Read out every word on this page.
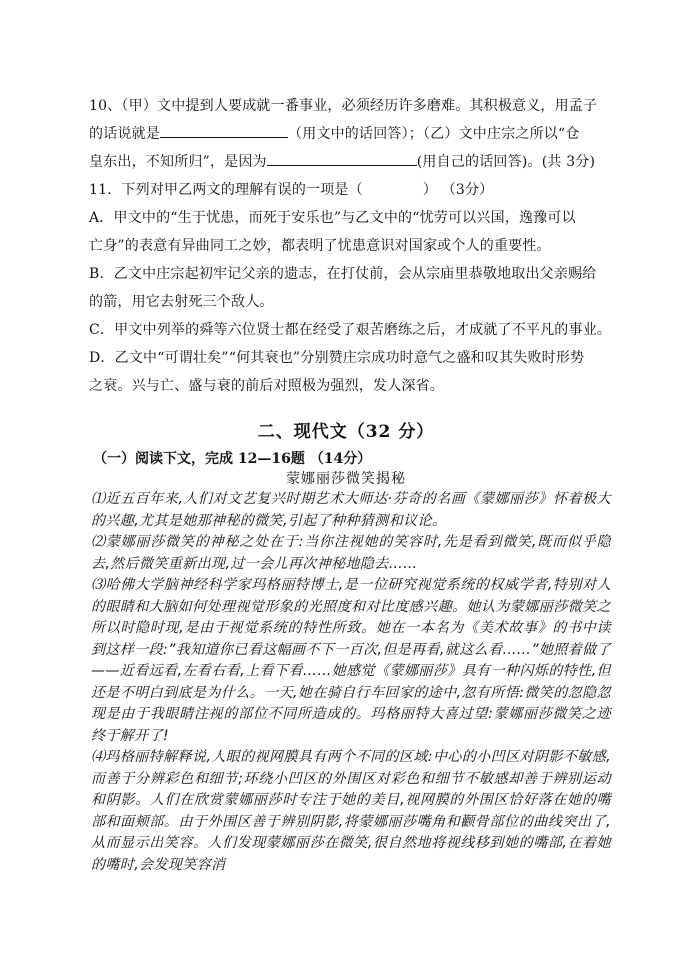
10、（甲）文中提到人要成就一番事业，必须经历许多磨难。其积极意义，用孟子
的话说就是	（用文中的话回答）；（乙）文中庄宗之所以“仓
皇东出，不知所归”，是因为	(用自己的话回答)。(共 3分)
11．下列对甲乙两文的理解有误的一项是（	） （3分）
A．甲文中的“生于忧患，而死于安乐也”与乙文中的“忧劳可以兴国，逸豫可以
亡身”的表意有异曲同工之妙，都表明了忧患意识对国家或个人的重要性。
B．乙文中庄宗起初牢记父亲的遗志，在打仗前，会从宗庙里恭敬地取出父亲赐给
的箭，用它去射死三个敌人。
C．甲文中列举的舜等六位贤士都在经受了艰苦磨练之后，才成就了不平凡的事业。
D．乙文中“可谓壮矣”“何其衰也”分别赞庄宗成功时意气之盛和叹其失败时形势
之衰。兴与亡、盛与衰的前后对照极为强烈，发人深省。
二、现代文（32 分）
（一）阅读下文，完成 12—16题 （14分）
蒙娜丽莎微笑揭秘

⑴近五百年来,人们对文艺复兴时期艺术大师达·芬奇的名画《蒙娜丽莎》怀着极大的兴趣,尤其是她那神秘的微笑,引起了种种猜测和议论。

⑵蒙娜丽莎微笑的神秘之处在于:当你注视她的笑容时,先是看到微笑,既而似乎隐去,然后微笑重新出现,过一会儿再次神秘地隐去……

⑶哈佛大学脑神经科学家玛格丽特博士,是一位研究视觉系统的权威学者,特别对人的眼睛和大脑如何处理视觉形象的光照度和对比度感兴趣。她认为蒙娜丽莎微笑之所以时隐时现,是由于视觉系统的特性所致。她在一本名为《美术故事》的书中读到这样一段:”我知道你已看这幅画不下一百次,但是再看,就这么看……”她照着做了——近看远看,左看右看,上看下看……她感觉《蒙娜丽莎》具有一种闪烁的特性,但还是不明白到底是为什么。一天,她在骑自行车回家的途中,忽有所悟:微笑的忽隐忽现是由于我眼睛注视的部位不同所造成的。玛格丽特大喜过望:蒙娜丽莎微笑之迹终于解开了!

⑷玛格丽特解释说,人眼的视网膜具有两个不同的区域:中心的小凹区对阴影不敏感,而善于分辨彩色和细节;环绕小凹区的外围区对彩色和细节不敏感却善于辨别运动和阴影。人们在欣赏蒙娜丽莎时专注于她的美目,视网膜的外围区恰好落在她的嘴部和面颊部。由于外围区善于辨别阴影,将蒙娜丽莎嘴角和颧骨部位的曲线突出了,从而显示出笑容。人们发现蒙娜丽莎在微笑,很自然地将视线移到她的嘴部,在着她的嘴时,会发现笑容消
